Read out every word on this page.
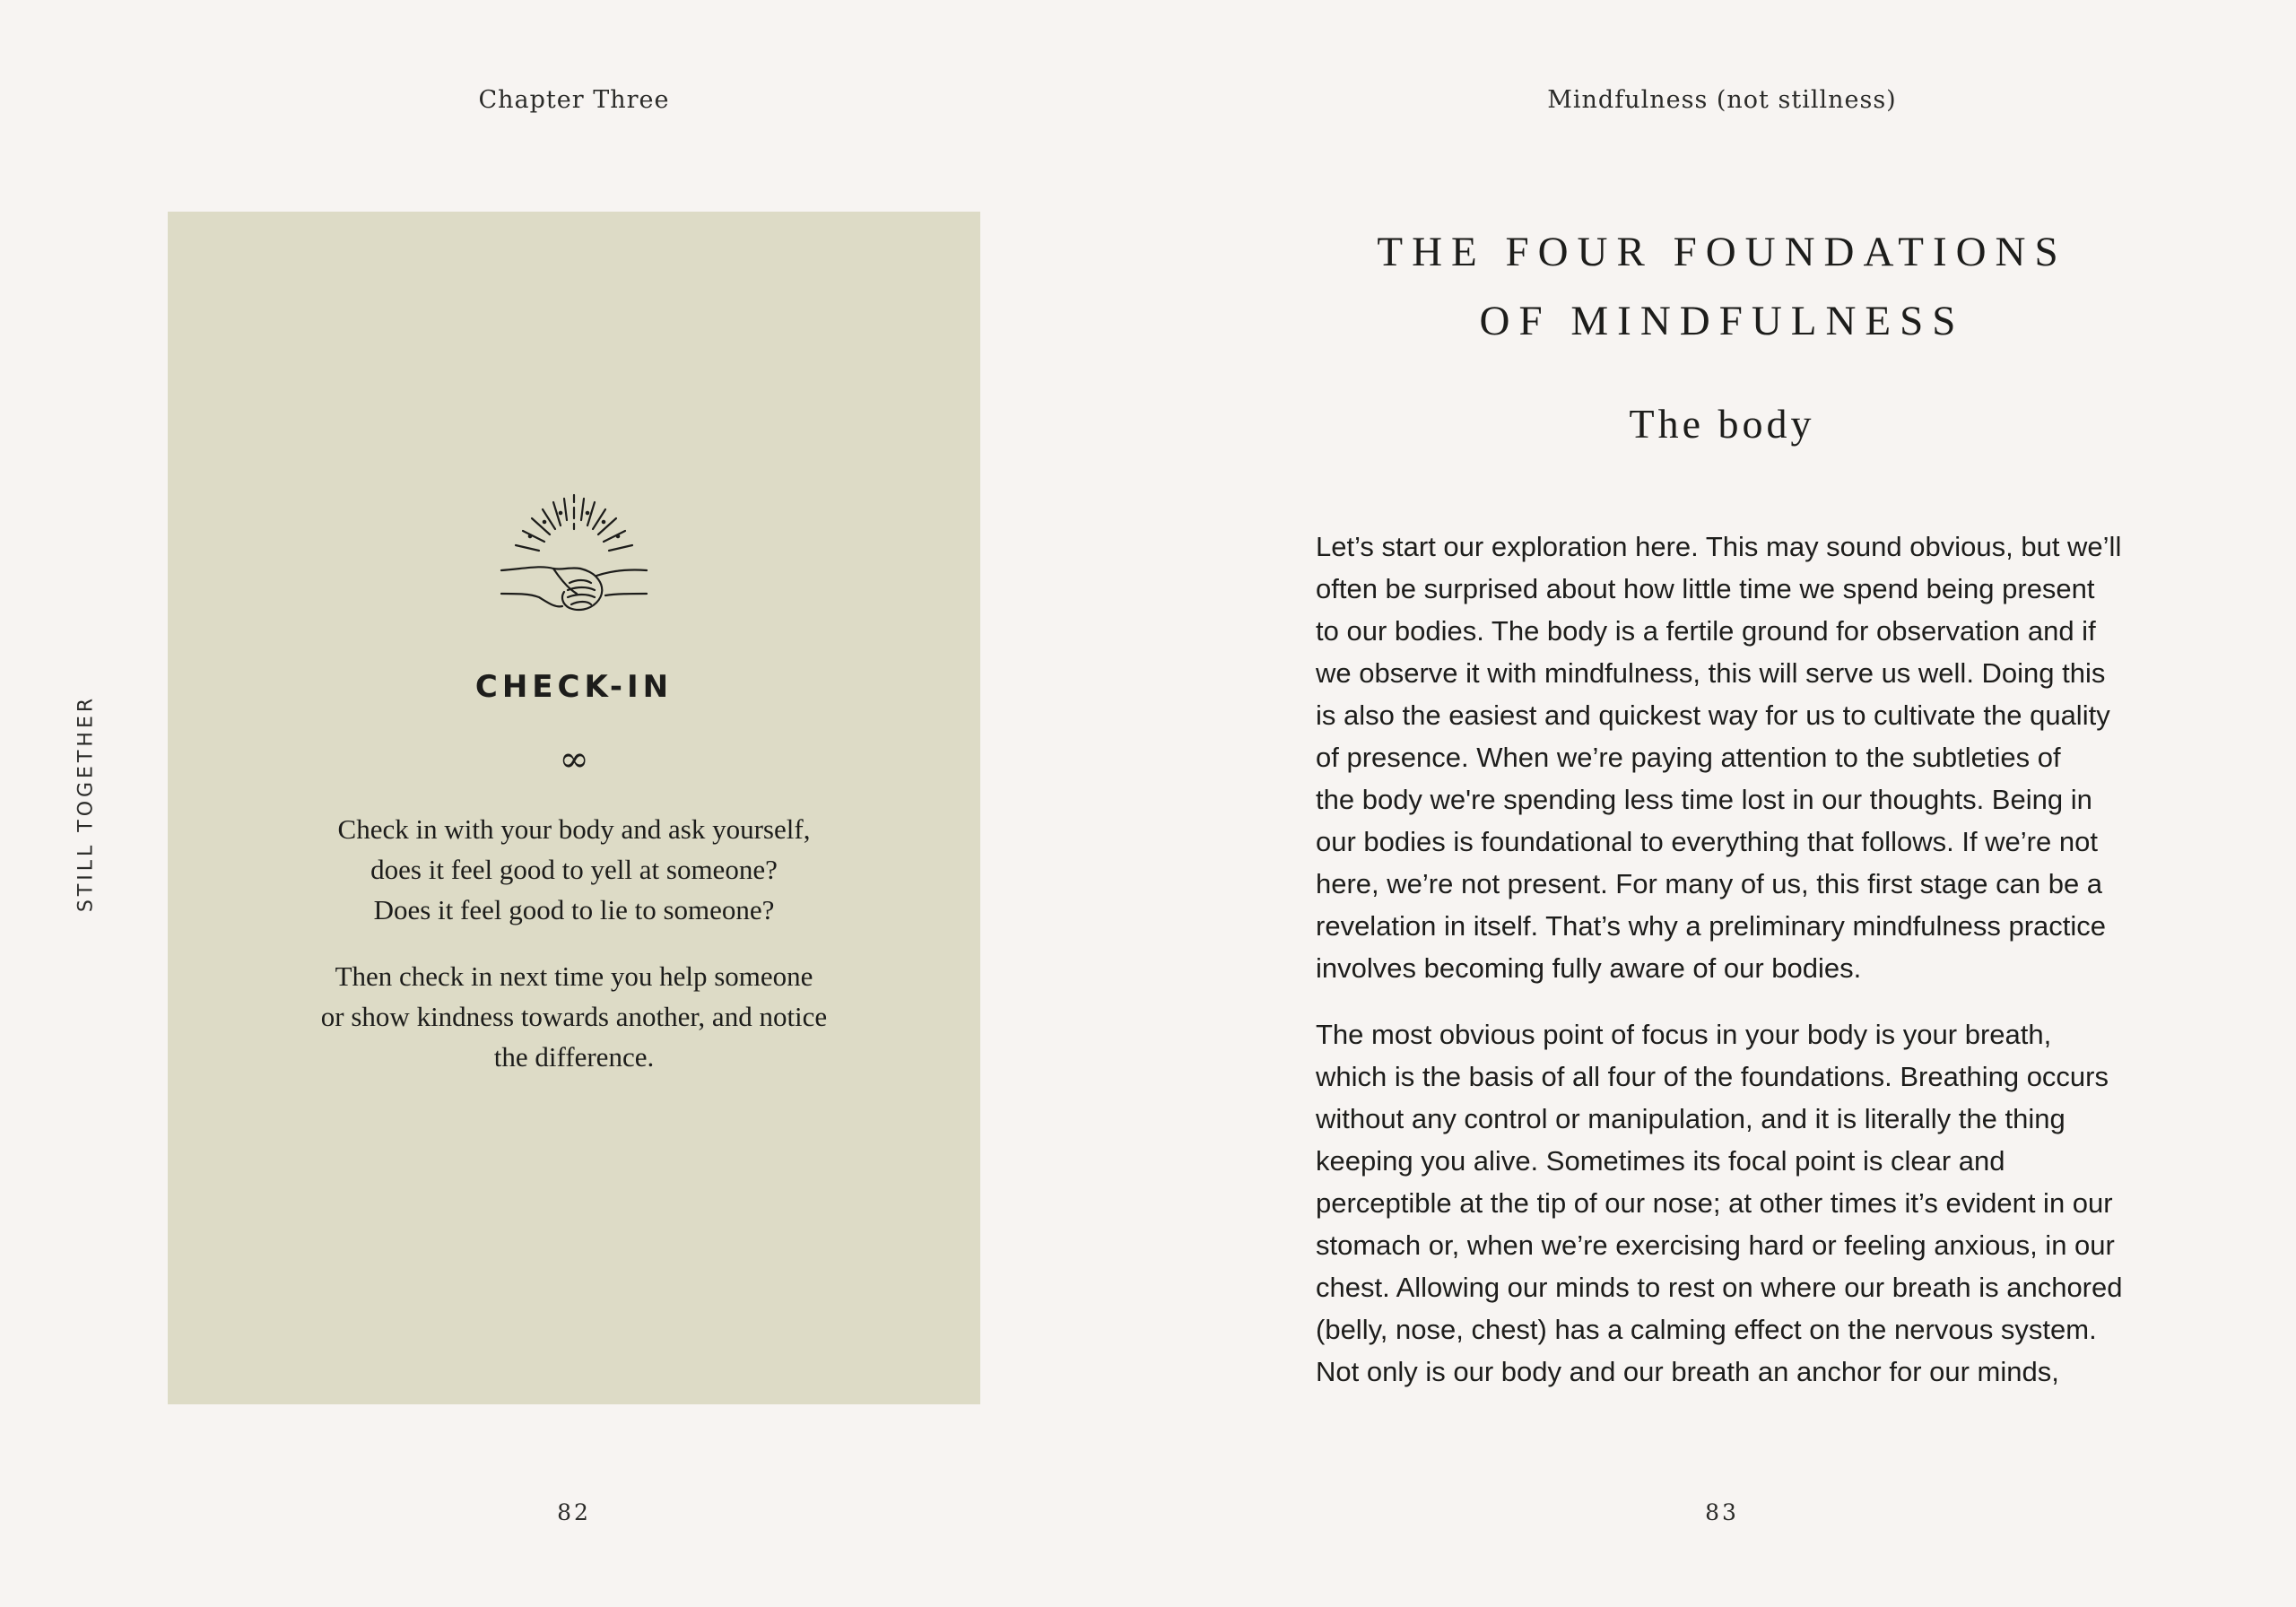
Chapter Three
STILL TOGETHER
CHECK-IN
∞
Check in with your body and ask yourself,
does it feel good to yell at someone?
Does it feel good to lie to someone?
Then check in next time you help someone
or show kindness towards another, and notice
the difference.
82
Mindfulness (not stillness)
THE FOUR FOUNDATIONS
OF MINDFULNESS
The body
Let’s start our exploration here. This may sound obvious, but we’ll
often be surprised about how little time we spend being present
to our bodies. The body is a fertile ground for observation and if
we observe it with mindfulness, this will serve us well. Doing this
is also the easiest and quickest way for us to cultivate the quality
of presence. When we’re paying attention to the subtleties of
the body we're spending less time lost in our thoughts. Being in
our bodies is foundational to everything that follows. If we’re not
here, we’re not present. For many of us, this first stage can be a
revelation in itself. That’s why a preliminary mindfulness practice
involves becoming fully aware of our bodies.
The most obvious point of focus in your body is your breath,
which is the basis of all four of the foundations. Breathing occurs
without any control or manipulation, and it is literally the thing
keeping you alive. Sometimes its focal point is clear and
perceptible at the tip of our nose; at other times it’s evident in our
stomach or, when we’re exercising hard or feeling anxious, in our
chest. Allowing our minds to rest on where our breath is anchored
(belly, nose, chest) has a calming effect on the nervous system.
Not only is our body and our breath an anchor for our minds,
83
